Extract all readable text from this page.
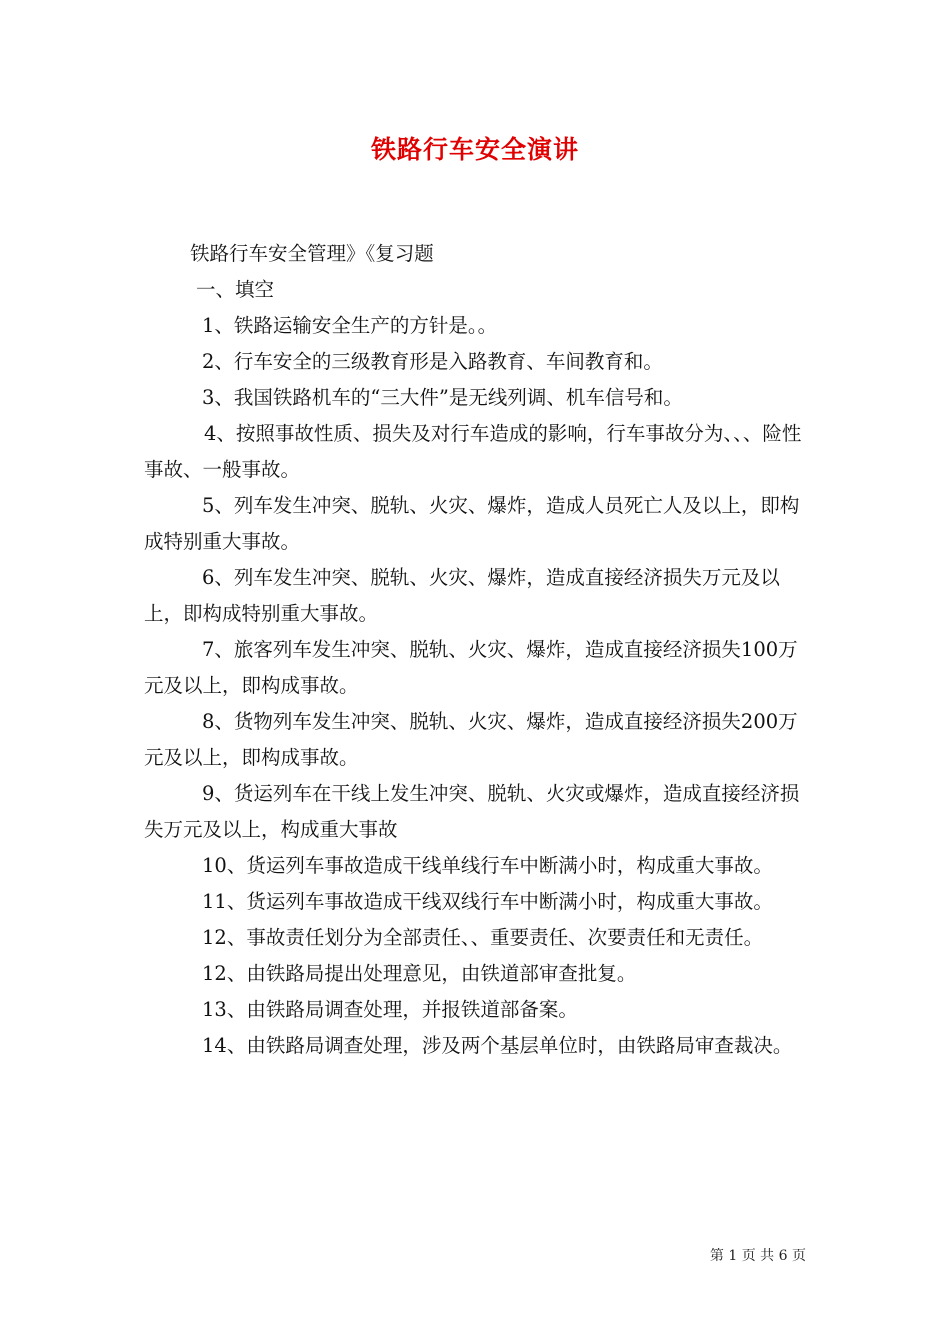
铁路行车安全演讲

铁路行车安全管理》《复习题

一、填空

1、铁路运输安全生产的方针是。。

2、行车安全的三级教育形是入路教育、车间教育和。

3、我国铁路机车的“三大件”是无线列调、机车信号和。

4、按照事故性质、损失及对行车造成的影响，行车事故分为、、、险性事故、一般事故。

5、列车发生冲突、脱轨、火灾、爆炸，造成人员死亡人及以上，即构成特别重大事故。

6、列车发生冲突、脱轨、火灾、爆炸，造成直接经济损失万元及以上，即构成特别重大事故。

7、旅客列车发生冲突、脱轨、火灾、爆炸，造成直接经济损失100万元及以上，即构成事故。

8、货物列车发生冲突、脱轨、火灾、爆炸，造成直接经济损失200万元及以上，即构成事故。

9、货运列车在干线上发生冲突、脱轨、火灾或爆炸，造成直接经济损失万元及以上，构成重大事故

10、货运列车事故造成干线单线行车中断满小时，构成重大事故。

11、货运列车事故造成干线双线行车中断满小时，构成重大事故。

12、事故责任划分为全部责任、、重要责任、次要责任和无责任。

12、由铁路局提出处理意见，由铁道部审查批复。

13、由铁路局调查处理，并报铁道部备案。

14、由铁路局调查处理，涉及两个基层单位时，由铁路局审查裁决。

第 1 页 共 6 页
